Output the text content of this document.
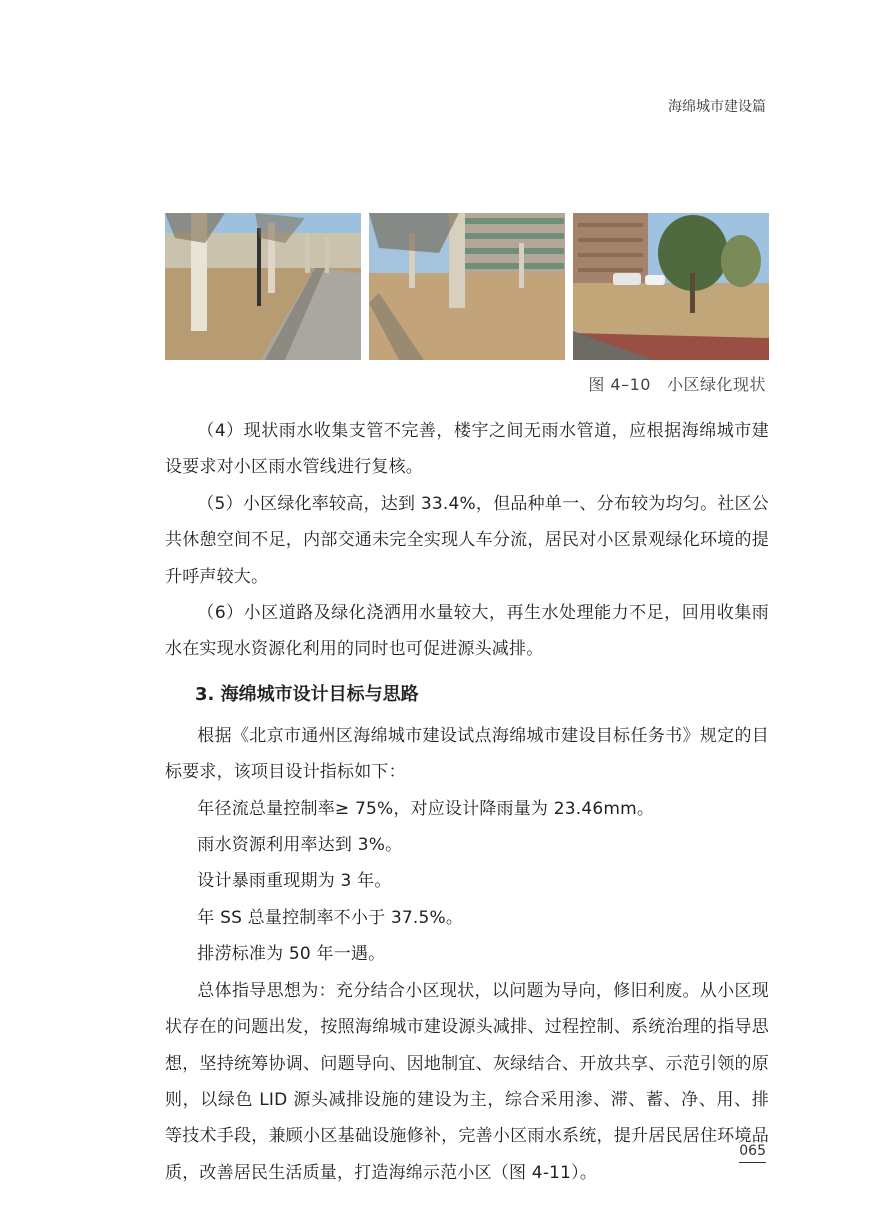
海绵城市建设篇
图 4–10 小区绿化现状

（4）现状雨水收集支管不完善，楼宇之间无雨水管道，应根据海绵城市建设要求对小区雨水管线进行复核。

（5）小区绿化率较高，达到 33.4%，但品种单一、分布较为均匀。社区公共休憩空间不足，内部交通未完全实现人车分流，居民对小区景观绿化环境的提升呼声较大。

（6）小区道路及绿化浇洒用水量较大，再生水处理能力不足，回用收集雨水在实现水资源化利用的同时也可促进源头减排。

3. 海绵城市设计目标与思路

根据《北京市通州区海绵城市建设试点海绵城市建设目标任务书》规定的目标要求，该项目设计指标如下：

年径流总量控制率≥ 75%，对应设计降雨量为 23.46mm。

雨水资源利用率达到 3%。

设计暴雨重现期为 3 年。

年 SS 总量控制率不小于 37.5%。

排涝标准为 50 年一遇。

总体指导思想为：充分结合小区现状，以问题为导向，修旧利废。从小区现状存在的问题出发，按照海绵城市建设源头减排、过程控制、系统治理的指导思想，坚持统筹协调、问题导向、因地制宜、灰绿结合、开放共享、示范引领的原则，以绿色 LID 源头减排设施的建设为主，综合采用渗、滞、蓄、净、用、排等技术手段，兼顾小区基础设施修补，完善小区雨水系统，提升居民居住环境品质，改善居民生活质量，打造海绵示范小区（图 4-11）。

065
